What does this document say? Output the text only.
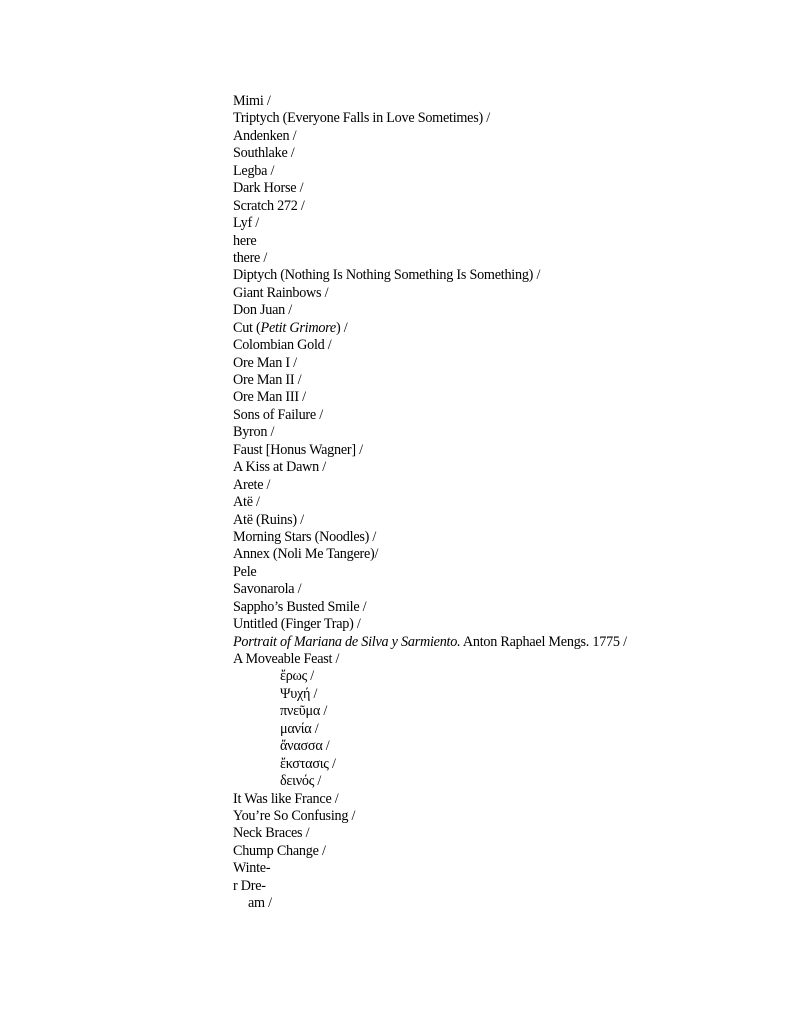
Mimi /
Triptych (Everyone Falls in Love Sometimes) /
Andenken /
Southlake /
Legba /
Dark Horse /
Scratch 272 /
Lyf /
here
there /
Diptych (Nothing Is Nothing Something Is Something) /
Giant Rainbows /
Don Juan /
Cut (Petit Grimore) /
Colombian Gold /
Ore Man I /
Ore Man II /
Ore Man III /
Sons of Failure /
Byron /
Faust [Honus Wagner] /
A Kiss at Dawn /
Arete /
Atë /
Atë (Ruins) /
Morning Stars (Noodles) /
Annex (Noli Me Tangere)/
Pele
Savonarola /
Sappho’s Busted Smile /
Untitled (Finger Trap) /
Portrait of Mariana de Silva y Sarmiento. Anton Raphael Mengs. 1775 /
A Moveable Feast /
ἔρως /
Ψυχή /
πνεῦμα /
μανία /
ἄνασσα /
ἔκστασις /
δεινός /
It Was like France /
You’re So Confusing /
Neck Braces /
Chump Change /
Winte-
r Dre-
am /
